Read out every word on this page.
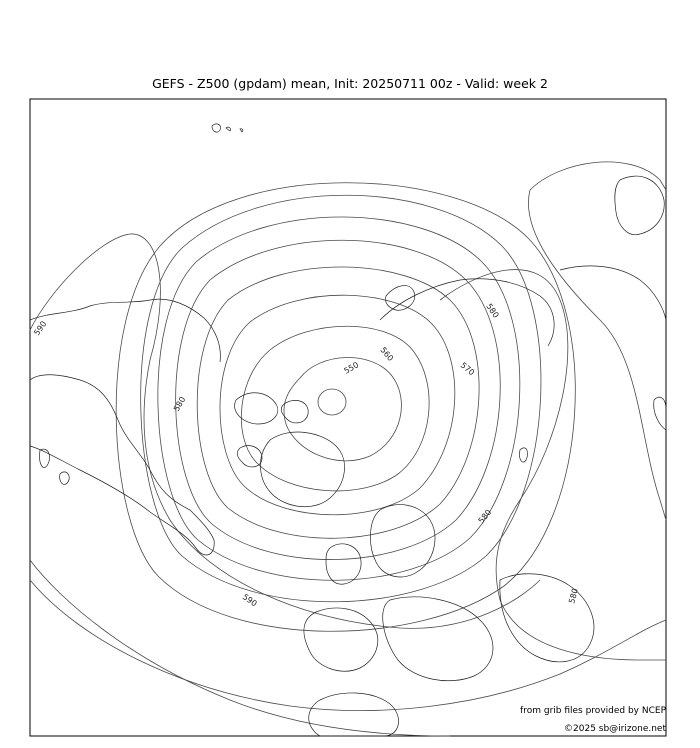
GEFS - Z500 (gpdam) mean, Init: 20250711 00z - Valid: week 2
590
580
560
550	570
580
580
590	580
from grib files provided by NCEP
©2025 sb@irizone.net
